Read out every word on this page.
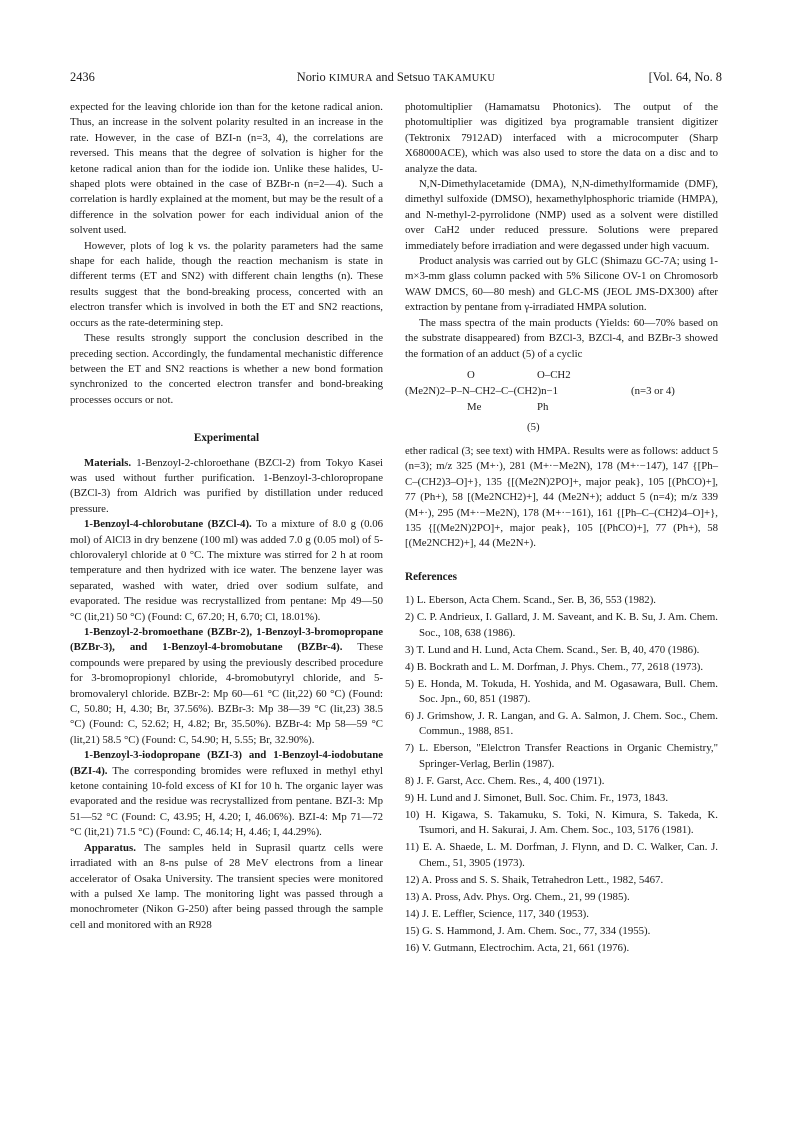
2436	Norio KIMURA and Setsuo TAKAMUKU	[Vol. 64, No. 8

expected for the leaving chloride ion than for the ketone radical anion. Thus, an increase in the solvent polarity resulted in an increase in the rate. However, in the case of BZI-n (n=3, 4), the correlations are reversed. This means that the degree of solvation is higher for the ketone radical anion than for the iodide ion. Unlike these halides, U-shaped plots were obtained in the case of BZBr-n (n=2—4). Such a correlation is hardly explained at the moment, but may be the result of a difference in the solvation power for each individual anion of the solvent used.

However, plots of log k vs. the polarity parameters had the same shape for each halide, though the reaction mechanism is state in different terms (ET and SN2) with different chain lengths (n). These results suggest that the bond-breaking process, concerted with an electron transfer which is involved in both the ET and SN2 reactions, occurs as the rate-determining step.

These results strongly support the conclusion described in the preceding section. Accordingly, the fundamental mechanistic difference between the ET and SN2 reactions is whether a new bond formation synchronized to the concerted electron transfer and bond-breaking processes occurs or not.

Experimental

Materials. 1-Benzoyl-2-chloroethane (BZCl-2) from Tokyo Kasei was used without further purification. 1-Benzoyl-3-chloropropane (BZCl-3) from Aldrich was purified by distillation under reduced pressure.

1-Benzoyl-4-chlorobutane (BZCl-4). To a mixture of 8.0 g (0.06 mol) of AlCl3 in dry benzene (100 ml) was added 7.0 g (0.05 mol) of 5-chlorovaleryl chloride at 0 °C. The mixture was stirred for 2 h at room temperature and then hydrized with ice water. The benzene layer was separated, washed with water, dried over sodium sulfate, and evaporated. The residue was recrystallized from pentane: Mp 49—50 °C (lit,21) 50 °C) (Found: C, 67.20; H, 6.70; Cl, 18.01%).

1-Benzoyl-2-bromoethane (BZBr-2), 1-Benzoyl-3-bromopropane (BZBr-3), and 1-Benzoyl-4-bromobutane (BZBr-4). These compounds were prepared by using the previously described procedure for 3-bromopropionyl chloride, 4-bromobutyryl chloride, and 5-bromovaleryl chloride. BZBr-2: Mp 60—61 °C (lit,22) 60 °C) (Found: C, 50.80; H, 4.30; Br, 37.56%). BZBr-3: Mp 38—39 °C (lit,23) 38.5 °C) (Found: C, 52.62; H, 4.82; Br, 35.50%). BZBr-4: Mp 58—59 °C (lit,21) 58.5 °C) (Found: C, 54.90; H, 5.55; Br, 32.90%).

1-Benzoyl-3-iodopropane (BZI-3) and 1-Benzoyl-4-iodobutane (BZI-4). The corresponding bromides were refluxed in methyl ethyl ketone containing 10-fold excess of KI for 10 h. The organic layer was evaporated and the residue was recrystallized from pentane. BZI-3: Mp 51—52 °C (Found: C, 43.95; H, 4.20; I, 46.06%). BZI-4: Mp 71—72 °C (lit,21) 71.5 °C) (Found: C, 46.14; H, 4.46; I, 44.29%).

Apparatus. The samples held in Suprasil quartz cells were irradiated with an 8-ns pulse of 28 MeV electrons from a linear accelerator of Osaka University. The transient species were monitored with a pulsed Xe lamp. The monitoring light was passed through a monochrometer (Nikon G-250) after being passed through the sample cell and monitored with an R928

photomultiplier (Hamamatsu Photonics). The output of the photomultiplier was digitized bya programable transient digitizer (Tektronix 7912AD) interfaced with a microcomputer (Sharp X68000ACE), which was also used to store the data on a disc and to analyze the data.

N,N-Dimethylacetamide (DMA), N,N-dimethylformamide (DMF), dimethyl sulfoxide (DMSO), hexamethylphosphoric triamide (HMPA), and N-methyl-2-pyrrolidone (NMP) used as a solvent were distilled over CaH2 under reduced pressure. Solutions were prepared immediately before irradiation and were degassed under high vacuum.

Product analysis was carried out by GLC (Shimazu GC-7A; using 1-m×3-mm glass column packed with 5% Silicone OV-1 on Chromosorb WAW DMCS, 60—80 mesh) and GLC-MS (JEOL JMS-DX300) after extraction by pentane from γ-irradiated HMPA solution.

The mass spectra of the main products (Yields: 60—70% based on the substrate disappeared) from BZCl-3, BZCl-4, and BZBr-3 showed the formation of an adduct (5) of a cyclic

O	O–CH2
(Me2N)2–P–N–CH2–C–(CH2)n−1
Me	Ph
(n=3 or 4)
(5)

ether radical (3; see text) with HMPA. Results were as follows: adduct 5 (n=3); m/z 325 (M+·), 281 (M+·−Me2N), 178 (M+·−147), 147 {[Ph–C–(CH2)3–O]+}, 135 {[(Me2N)2PO]+, major peak}, 105 [(PhCO)+], 77 (Ph+), 58 [(Me2NCH2)+], 44 (Me2N+); adduct 5 (n=4); m/z 339 (M+·), 295 (M+·−Me2N), 178 (M+·−161), 161 {[Ph–C–(CH2)4–O]+}, 135 {[(Me2N)2PO]+, major peak}, 105 [(PhCO)+], 77 (Ph+), 58 [(Me2NCH2)+], 44 (Me2N+).

References
1) L. Eberson, Acta Chem. Scand., Ser. B, 36, 553 (1982).
2) C. P. Andrieux, I. Gallard, J. M. Saveant, and K. B. Su, J. Am. Chem. Soc., 108, 638 (1986).
3) T. Lund and H. Lund, Acta Chem. Scand., Ser. B, 40, 470 (1986).
4) B. Bockrath and L. M. Dorfman, J. Phys. Chem., 77, 2618 (1973).
5) E. Honda, M. Tokuda, H. Yoshida, and M. Ogasawara, Bull. Chem. Soc. Jpn., 60, 851 (1987).
6) J. Grimshow, J. R. Langan, and G. A. Salmon, J. Chem. Soc., Chem. Commun., 1988, 851.
7) L. Eberson, "Elelctron Transfer Reactions in Organic Chemistry," Springer-Verlag, Berlin (1987).
8) J. F. Garst, Acc. Chem. Res., 4, 400 (1971).
9) H. Lund and J. Simonet, Bull. Soc. Chim. Fr., 1973, 1843.
10) H. Kigawa, S. Takamuku, S. Toki, N. Kimura, S. Takeda, K. Tsumori, and H. Sakurai, J. Am. Chem. Soc., 103, 5176 (1981).
11) E. A. Shaede, L. M. Dorfman, J. Flynn, and D. C. Walker, Can. J. Chem., 51, 3905 (1973).
12) A. Pross and S. S. Shaik, Tetrahedron Lett., 1982, 5467.
13) A. Pross, Adv. Phys. Org. Chem., 21, 99 (1985).
14) J. E. Leffler, Science, 117, 340 (1953).
15) G. S. Hammond, J. Am. Chem. Soc., 77, 334 (1955).
16) V. Gutmann, Electrochim. Acta, 21, 661 (1976).
